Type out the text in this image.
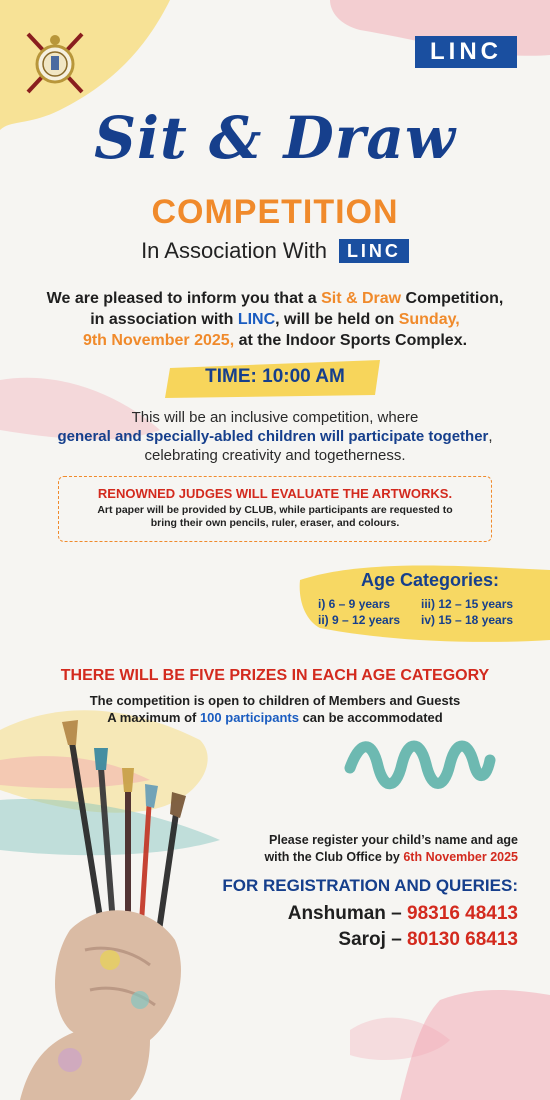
LINC
Sit & Draw
COMPETITION
In Association With	LINC
We are pleased to inform you that a Sit & Draw Competition,
in association with LINC, will be held on Sunday,
9th November 2025, at the Indoor Sports Complex.
TIME: 10:00 AM
This will be an inclusive competition, where
general and specially-abled children will participate together,
celebrating creativity and togetherness.
RENOWNED JUDGES WILL EVALUATE THE ARTWORKS.
Art paper will be provided by CLUB, while participants are requested to
bring their own pencils, ruler, eraser, and colours.
Age Categories:
i) 6 – 9 years	iii) 12 – 15 years
ii) 9 – 12 years	iv) 15 – 18 years
THERE WILL BE FIVE PRIZES IN EACH AGE CATEGORY
The competition is open to children of Members and Guests
A maximum of 100 participants can be accommodated
Please register your child’s name and age
with the Club Office by 6th November 2025
FOR REGISTRATION AND QUERIES:
Anshuman – 98316 48413
Saroj – 80130 68413
